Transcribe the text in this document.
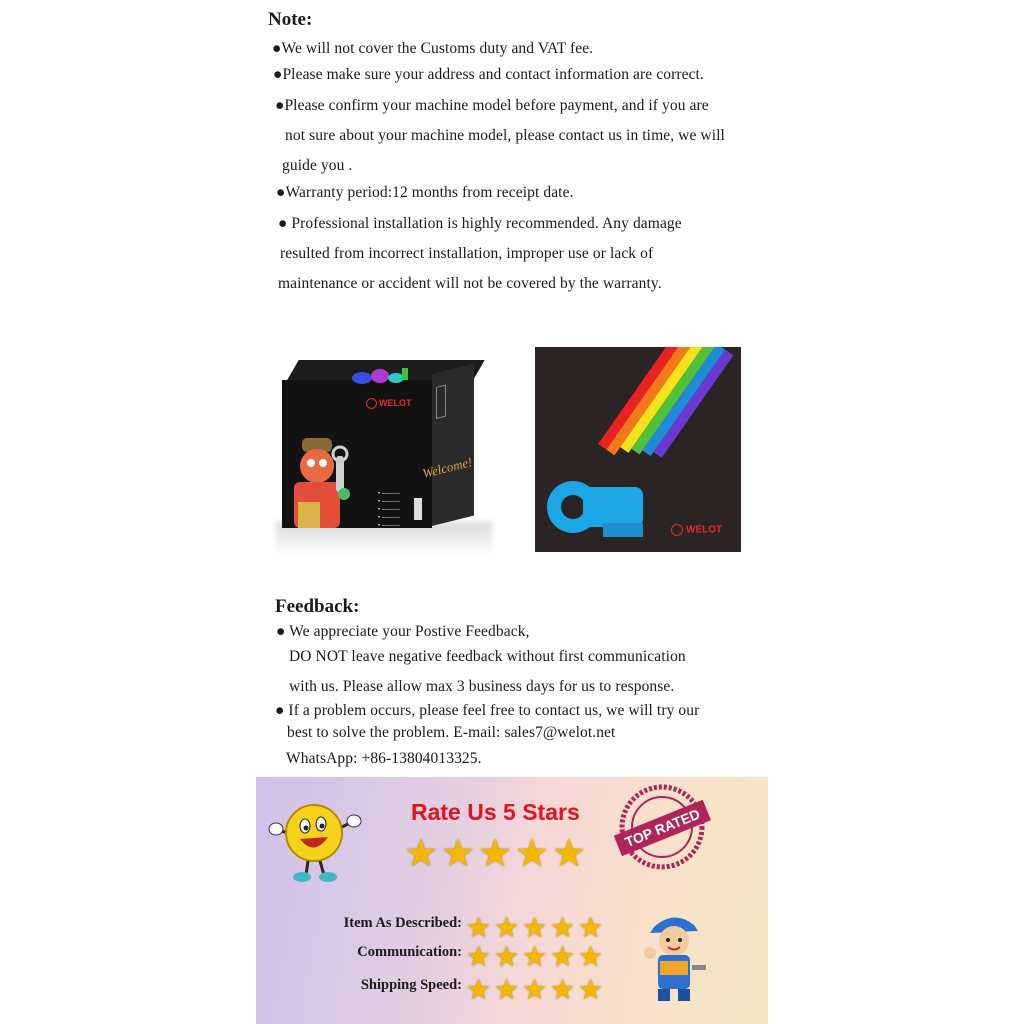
Note:
●We will not cover the Customs duty and VAT fee.
●Please make sure your address and contact information are correct.
●Please confirm your machine model before payment, and if you are
not sure about your machine model, please contact us in time, we will
guide you .
●Warranty period:12 months from receipt date.
● Professional installation is highly recommended. Any damage
resulted from incorrect installation, improper use or lack of
maintenance or accident will not be covered by the warranty.
WELOT
Welcome!
• ———
• ———
• ———
• ———
• ———	WELOT
Feedback:
● We appreciate your Postive Feedback,
DO NOT leave negative feedback without first communication
with us. Please allow max 3 business days for us to response.
● If a problem occurs, please feel free to contact us, we will try our
best to solve the problem. E-mail: sales7@welot.net
WhatsApp: +86-13804013325.
Rate Us 5 Stars
★ ★ ★ ★ ★
TOP RATED
Item As Described: ★ ★ ★ ★ ★
Communication: ★ ★ ★ ★ ★
Shipping Speed: ★ ★ ★ ★ ★
